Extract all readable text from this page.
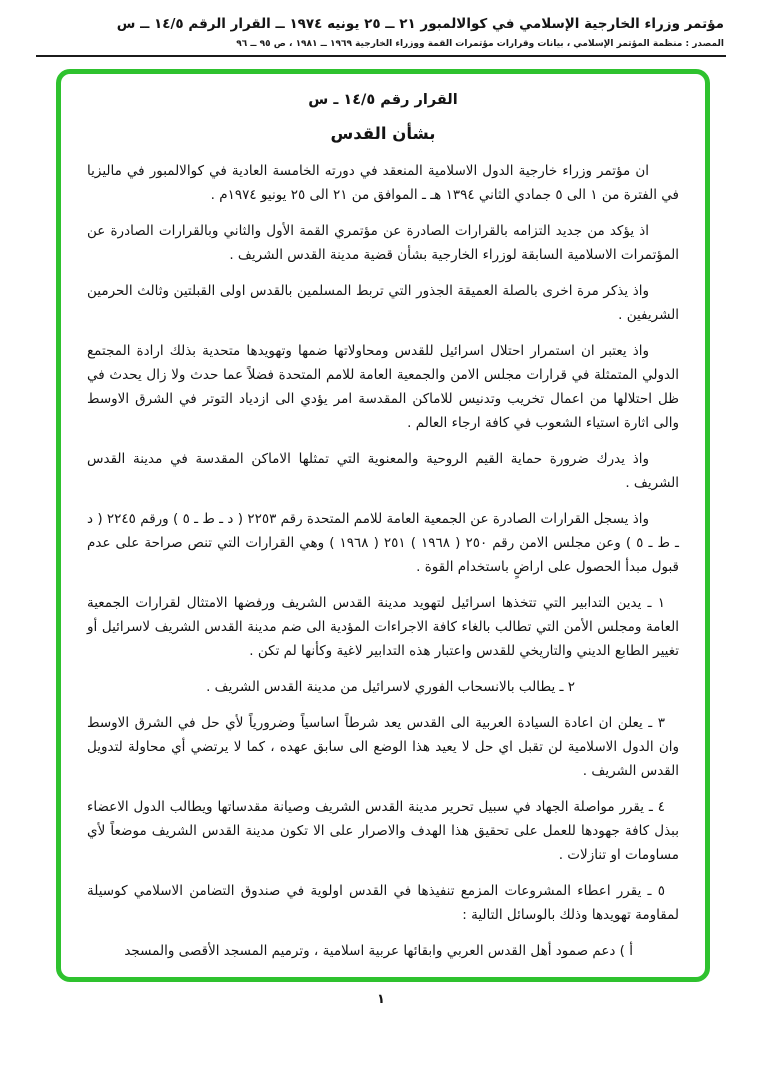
مؤتمر وزراء الخارجية الإسلامي في كوالالمبور ٢١ ــ ٢٥ يونيه ١٩٧٤ ــ القرار الرقم ١٤/٥ ــ س
المصدر : منظمة المؤتمر الإسلامي ، بيانات وقرارات مؤتمرات القمة ووزراء الخارجية ١٩٦٩ ــ ١٩٨١ ، ص ٩٥ ــ ٩٦
القرار رقم ١٤/٥ ـ س
بشأن القدس

ان مؤتمر وزراء خارجية الدول الاسلامية المنعقد في دورته الخامسة العادية في كوالالمبور في ماليزيا في الفترة من ١ الى ٥ جمادي الثاني ١٣٩٤ هـ ـ الموافق من ٢١ الى ٢٥ يونيو ١٩٧٤م .

اذ يؤكد من جديد التزامه بالقرارات الصادرة عن مؤتمري القمة الأول والثاني وبالقرارات الصادرة عن المؤتمرات الاسلامية السابقة لوزراء الخارجية بشأن قضية مدينة القدس الشريف .

واذ يذكر مرة اخرى بالصلة العميقة الجذور التي تربط المسلمين بالقدس اولى القبلتين وثالث الحرمين الشريفين .

واذ يعتبر ان استمرار احتلال اسرائيل للقدس ومحاولاتها ضمها وتهويدها متحدية بذلك ارادة المجتمع الدولي المتمثلة في قرارات مجلس الامن والجمعية العامة للامم المتحدة فضلاً عما حدث ولا زال يحدث في ظل احتلالها من اعمال تخريب وتدنيس للاماكن المقدسة امر يؤدي الى ازدياد التوتر في الشرق الاوسط والى اثارة استياء الشعوب في كافة ارجاء العالم .

واذ يدرك ضرورة حماية القيم الروحية والمعنوية التي تمثلها الاماكن المقدسة في مدينة القدس الشريف .

واذ يسجل القرارات الصادرة عن الجمعية العامة للامم المتحدة رقم ٢٢٥٣ ( د ـ ط ـ ٥ ) ورقم ٢٢٤٥ ( د ـ ط ـ ٥ ) وعن مجلس الامن رقم ٢٥٠ ( ١٩٦٨ ) ٢٥١ ( ١٩٦٨ ) وهي القرارات التي تنص صراحة على عدم قبول مبدأ الحصول على اراضٍ باستخدام القوة .

١ ـ يدين التدابير التي تتخذها اسرائيل لتهويد مدينة القدس الشريف ورفضها الامتثال لقرارات الجمعية العامة ومجلس الأمن التي تطالب بالغاء كافة الاجراءات المؤدية الى ضم مدينة القدس الشريف لاسرائيل أو تغيير الطابع الديني والتاريخي للقدس واعتبار هذه التدابير لاغية وكأنها لم تكن .

٢ ـ يطالب بالانسحاب الفوري لاسرائيل من مدينة القدس الشريف .

٣ ـ يعلن ان اعادة السيادة العربية الى القدس يعد شرطاً اساسياً وضرورياً لأي حل في الشرق الاوسط وان الدول الاسلامية لن تقبل اي حل لا يعيد هذا الوضع الى سابق عهده ، كما لا يرتضي أي محاولة لتدويل القدس الشريف .

٤ ـ يقرر مواصلة الجهاد في سبيل تحرير مدينة القدس الشريف وصيانة مقدساتها ويطالب الدول الاعضاء ببذل كافة جهودها للعمل على تحقيق هذا الهدف والاصرار على الا تكون مدينة القدس الشريف موضعاً لأي مساومات او تنازلات .

٥ ـ يقرر اعطاء المشروعات المزمع تنفيذها في القدس اولوية في صندوق التضامن الاسلامي كوسيلة لمقاومة تهويدها وذلك بالوسائل التالية :

أ ) دعم صمود أهل القدس العربي وابقائها عربية اسلامية ، وترميم المسجد الأقصى والمسجد

١
